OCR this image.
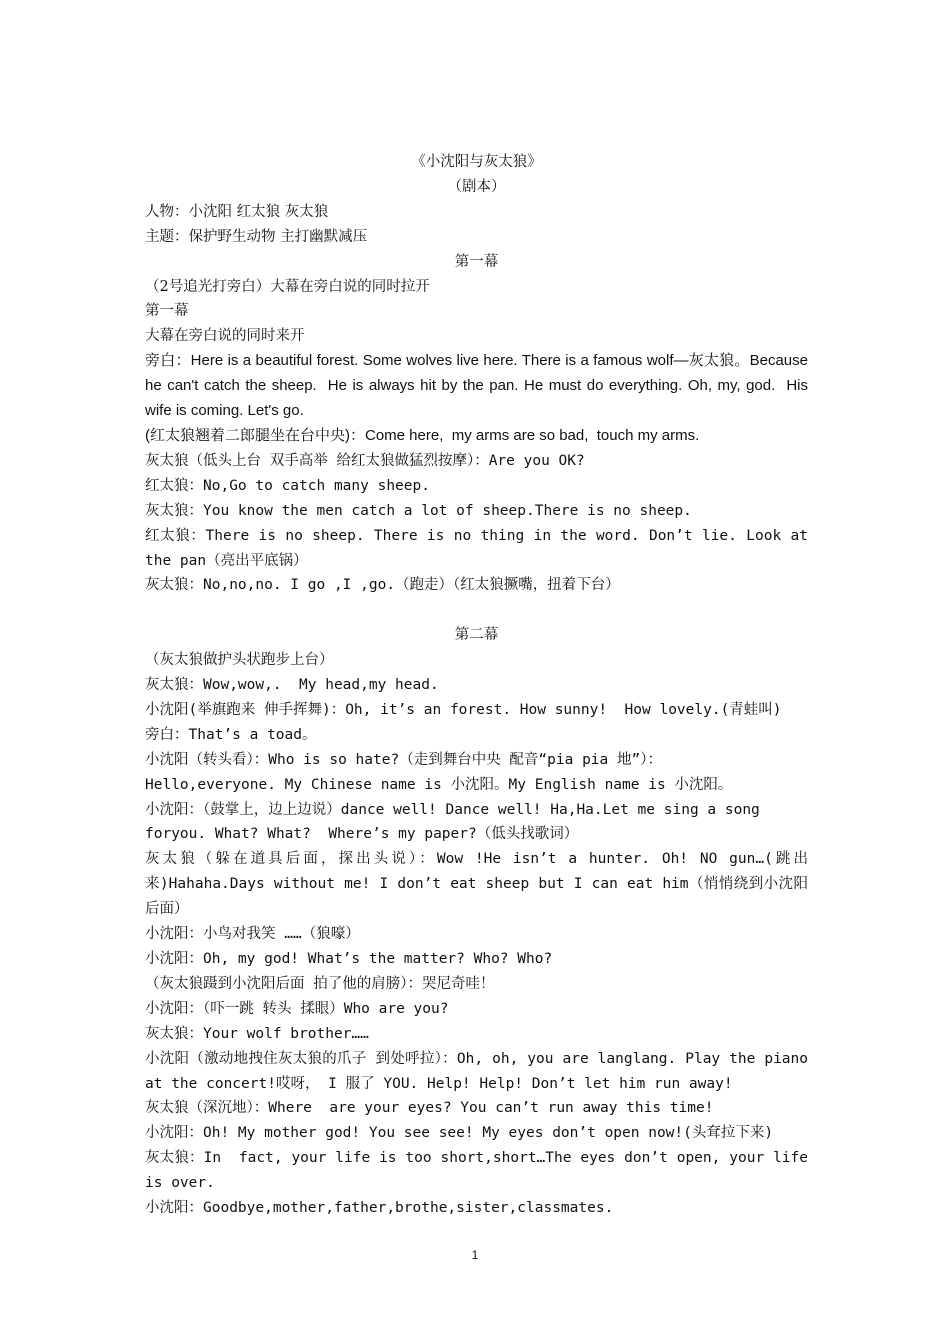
《小沈阳与灰太狼》

（剧本）

人物：小沈阳 红太狼 灰太狼

主题：保护野生动物 主打幽默减压

第一幕

（2号追光打旁白）大幕在旁白说的同时拉开

第一幕

大幕在旁白说的同时来开

旁白：Here is a beautiful forest. Some wolves live here. There is a famous wolf—灰太狼。Because he can't catch the sheep.  He is always hit by the pan. He must do everything. Oh, my, god.  His wife is coming. Let's go.

(红太狼翘着二郎腿坐在台中央)：Come here,  my arms are so bad,  touch my arms.

灰太狼（低头上台 双手高举 给红太狼做猛烈按摩）：Are you OK?

红太狼：No,Go to catch many sheep.

灰太狼：You know the men catch a lot of sheep.There is no sheep.

红太狼：There is no sheep. There is no thing in the word. Don’t lie. Look at  the pan（亮出平底锅）

灰太狼：No,no,no. I go ,I ,go.（跑走）（红太狼撅嘴，扭着下台）

第二幕

（灰太狼做护头状跑步上台）

灰太狼：Wow,wow,.  My head,my head.

小沈阳(举旗跑来 伸手挥舞)：Oh, it’s an forest. How sunny!  How lovely.(青蛙叫)

旁白：That’s a toad。

小沈阳（转头看）：Who is so hate?（走到舞台中央 配音“pia pia 地”）：

Hello,everyone. My Chinese name is 小沈阳。My English name is 小沈阳。

小沈阳：（鼓掌上，边上边说）dance well! Dance well! Ha,Ha.Let me sing a song foryou. What? What?  Where’s my paper?（低头找歌词）

灰太狼（躲在道具后面，探出头说）：Wow !He isn’t a hunter. Oh! NO gun…(跳出来)Hahaha.Days without me! I don’t eat sheep but I can eat him（悄悄绕到小沈阳后面）

小沈阳：小鸟对我笑 ……（狼嚎）

小沈阳：Oh, my god! What’s the matter? Who? Who?

（灰太狼蹑到小沈阳后面 拍了他的肩膀）：哭尼奇哇！

小沈阳：（吓一跳 转头 揉眼）Who are you?

灰太狼：Your wolf brother……

小沈阳（激动地拽住灰太狼的爪子 到处呼拉）：Oh, oh, you are langlang. Play the piano at the concert!哎呀， I 服了 YOU. Help! Help! Don’t let him run away!

灰太狼（深沉地）：Where  are your eyes? You can’t run away this time!

小沈阳：Oh! My mother god! You see see! My eyes don’t open now!(头耷拉下来)

灰太狼：In  fact, your life is too short,short…The eyes don’t open, your life is over.

小沈阳：Goodbye,mother,father,brothe,sister,classmates.

1
